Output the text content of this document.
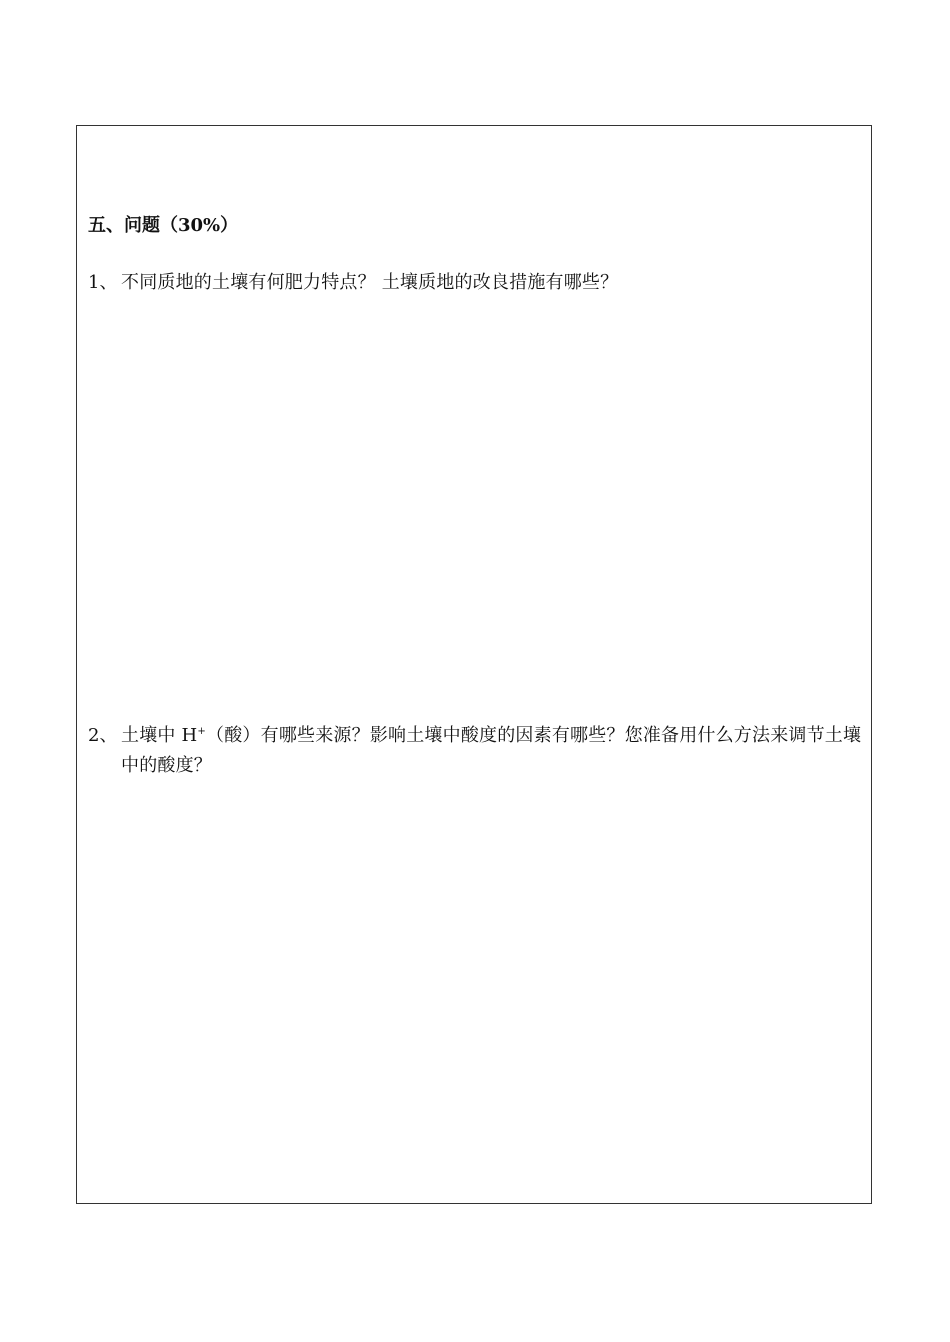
五、问题（30%）
1、 不同质地的土壤有何肥力特点？ 土壤质地的改良措施有哪些？
2、 土壤中 H+（酸）有哪些来源？影响土壤中酸度的因素有哪些？您准备用什么方法来调节土壤中的酸度？
